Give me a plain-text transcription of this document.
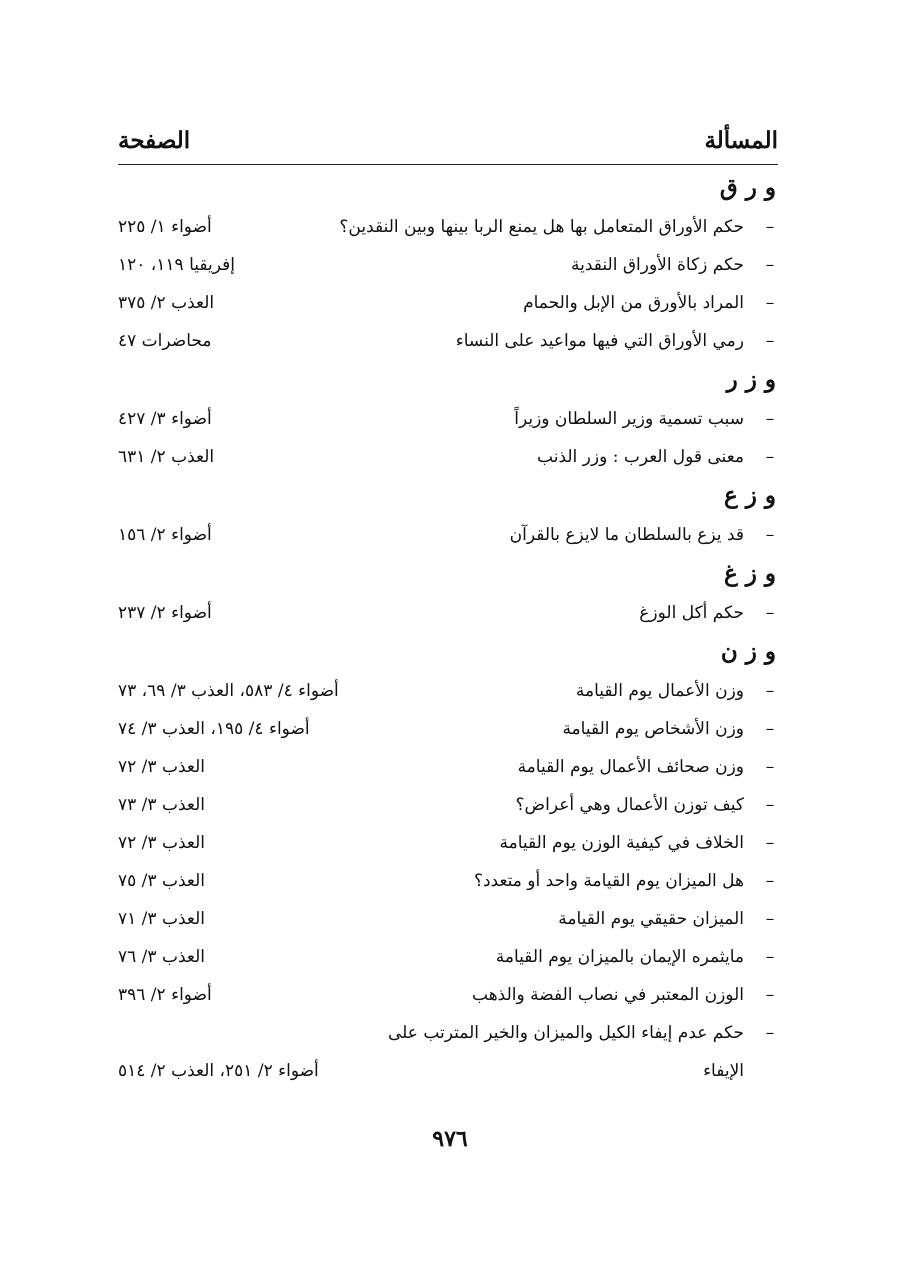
المسألة
الصفحة
و ر ق
–
حكم الأوراق المتعامل بها هل يمنع الربا بينها وبين النقدين؟
أضواء ١/ ٢٢٥
–
حكم زكاة الأوراق النقدية
إفريقيا ١١٩، ١٢٠
–
المراد بالأورق من الإبل والحمام
العذب ٢/ ٣٧٥
–
رمي الأوراق التي فيها مواعيد على النساء
محاضرات ٤٧
و ز ر
–
سبب تسمية وزير السلطان وزيراً
أضواء ٣/ ٤٢٧
–
معنى قول العرب : وزر الذنب
العذب ٢/ ٦٣١
و ز ع
–
قد يزع بالسلطان ما لايزع بالقرآن
أضواء ٢/ ١٥٦
و ز غ
–
حكم أكل الوزغ
أضواء ٢/ ٢٣٧
و ز ن
–
وزن الأعمال يوم القيامة
أضواء ٤/ ٥٨٣، العذب ٣/ ٦٩، ٧٣
–
وزن الأشخاص يوم القيامة
أضواء ٤/ ١٩٥، العذب ٣/ ٧٤
–
وزن صحائف الأعمال يوم القيامة
العذب ٣/ ٧٢
–
كيف توزن الأعمال وهي أعراض؟
العذب ٣/ ٧٣
–
الخلاف في كيفية الوزن يوم القيامة
العذب ٣/ ٧٢
–
هل الميزان يوم القيامة واحد أو متعدد؟
العذب ٣/ ٧٥
–
الميزان حقيقي يوم القيامة
العذب ٣/ ٧١
–
مايثمره الإيمان بالميزان يوم القيامة
العذب ٣/ ٧٦
–
الوزن المعتبر في نصاب الفضة والذهب
أضواء ٢/ ٣٩٦
–
حكم عدم إيفاء الكيل والميزان والخير المترتب على الإيفاء
أضواء ٢/ ٢٥١، العذب ٢/ ٥١٤
٩٧٦
